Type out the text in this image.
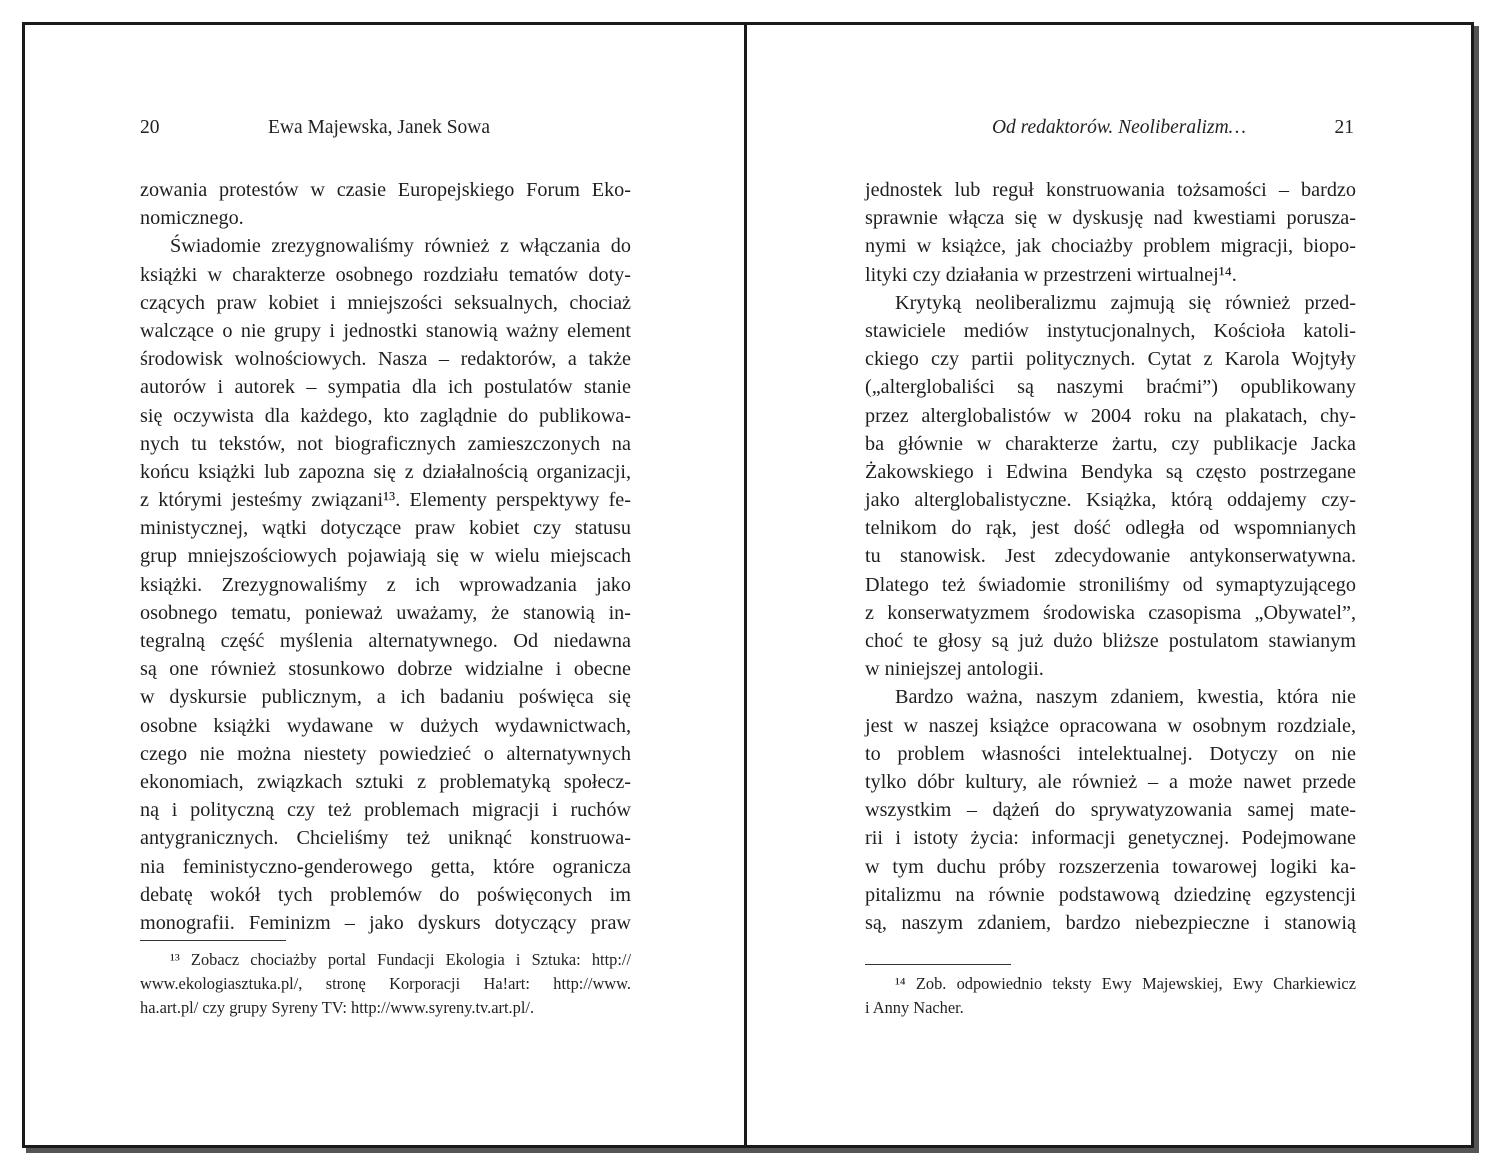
20	Ewa Majewska, Janek Sowa
zowania protestów w czasie Europejskiego Forum Eko-
nomicznego.
Świadomie zrezygnowaliśmy również z włączania do
książki w charakterze osobnego rozdziału tematów doty-
czących praw kobiet i mniejszości seksualnych, chociaż
walczące o nie grupy i jednostki stanowią ważny element
środowisk wolnościowych. Nasza – redaktorów, a także
autorów i autorek – sympatia dla ich postulatów stanie
się oczywista dla każdego, kto zaglądnie do publikowa-
nych tu tekstów, not biograficznych zamieszczonych na
końcu książki lub zapozna się z działalnością organizacji,
z którymi jesteśmy związani¹³. Elementy perspektywy fe-
ministycznej, wątki dotyczące praw kobiet czy statusu
grup mniejszościowych pojawiają się w wielu miejscach
książki. Zrezygnowaliśmy z ich wprowadzania jako
osobnego tematu, ponieważ uważamy, że stanowią in-
tegralną część myślenia alternatywnego. Od niedawna
są one również stosunkowo dobrze widzialne i obecne
w dyskursie publicznym, a ich badaniu poświęca się
osobne książki wydawane w dużych wydawnictwach,
czego nie można niestety powiedzieć o alternatywnych
ekonomiach, związkach sztuki z problematyką społecz-
ną i polityczną czy też problemach migracji i ruchów
antygranicznych. Chcieliśmy też uniknąć konstruowa-
nia feministyczno-genderowego getta, które ogranicza
debatę wokół tych problemów do poświęconych im
monografii. Feminizm – jako dyskurs dotyczący praw
¹³ Zobacz chociażby portal Fundacji Ekologia i Sztuka: http://
www.ekologiasztuka.pl/, stronę Korporacji Ha!art: http://www.
ha.art.pl/ czy grupy Syreny TV: http://www.syreny.tv.art.pl/.
Od redaktorów. Neoliberalizm…	21
jednostek lub reguł konstruowania tożsamości – bardzo
sprawnie włącza się w dyskusję nad kwestiami porusza-
nymi w książce, jak chociażby problem migracji, biopo-
lityki czy działania w przestrzeni wirtualnej¹⁴.
Krytyką neoliberalizmu zajmują się również przed-
stawiciele mediów instytucjonalnych, Kościoła katoli-
ckiego czy partii politycznych. Cytat z Karola Wojtyły
(„alterglobaliści są naszymi braćmi”) opublikowany
przez alterglobalistów w 2004 roku na plakatach, chy-
ba głównie w charakterze żartu, czy publikacje Jacka
Żakowskiego i Edwina Bendyka są często postrzegane
jako alterglobalistyczne. Książka, którą oddajemy czy-
telnikom do rąk, jest dość odległa od wspomnianych
tu stanowisk. Jest zdecydowanie antykonserwatywna.
Dlatego też świadomie stroniliśmy od symaptyzującego
z konserwatyzmem środowiska czasopisma „Obywatel”,
choć te głosy są już dużo bliższe postulatom stawianym
w niniejszej antologii.
Bardzo ważna, naszym zdaniem, kwestia, która nie
jest w naszej książce opracowana w osobnym rozdziale,
to problem własności intelektualnej. Dotyczy on nie
tylko dóbr kultury, ale również – a może nawet przede
wszystkim – dążeń do sprywatyzowania samej mate-
rii i istoty życia: informacji genetycznej. Podejmowane
w tym duchu próby rozszerzenia towarowej logiki ka-
pitalizmu na równie podstawową dziedzinę egzystencji
są, naszym zdaniem, bardzo niebezpieczne i stanowią
¹⁴ Zob. odpowiednio teksty Ewy Majewskiej, Ewy Charkiewicz
i Anny Nacher.
